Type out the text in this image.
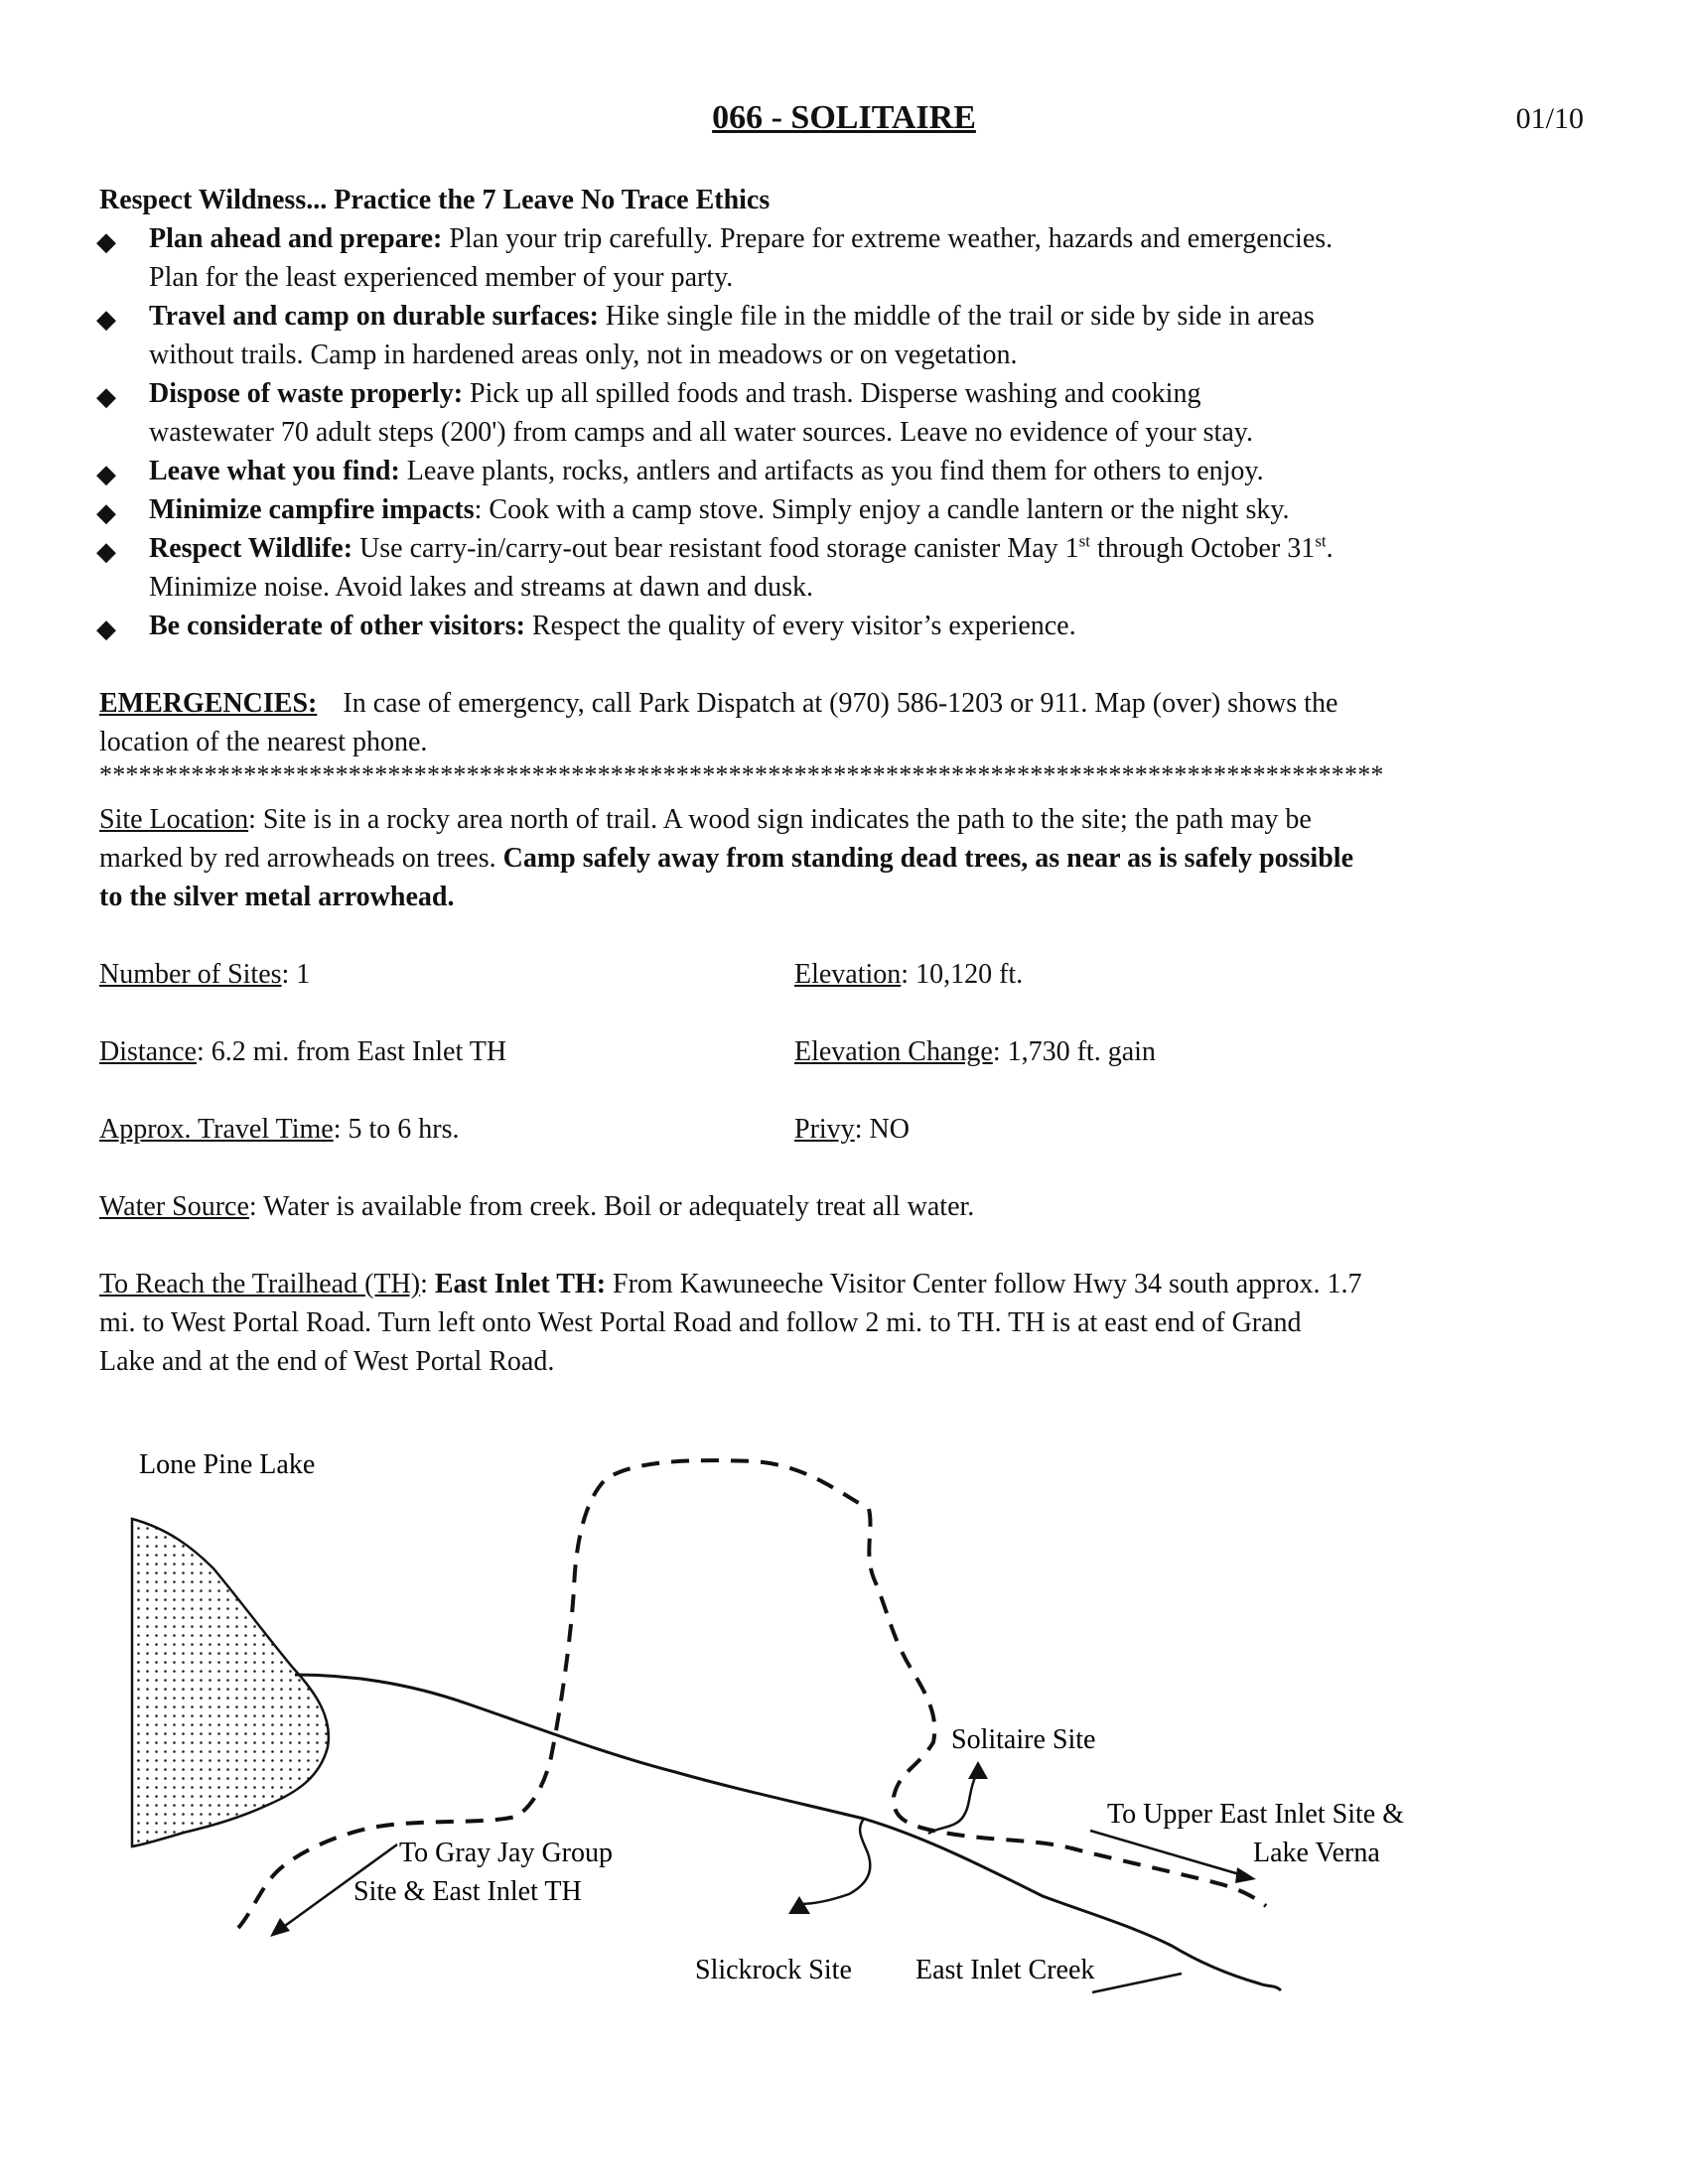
066 - SOLITAIRE	01/10
Respect Wildness... Practice the 7 Leave No Trace Ethics
◆ Plan ahead and prepare: Plan your trip carefully. Prepare for extreme weather, hazards and emergencies.
Plan for the least experienced member of your party.
◆ Travel and camp on durable surfaces: Hike single file in the middle of the trail or side by side in areas
without trails. Camp in hardened areas only, not in meadows or on vegetation.
◆ Dispose of waste properly: Pick up all spilled foods and trash. Disperse washing and cooking
wastewater 70 adult steps (200') from camps and all water sources. Leave no evidence of your stay.
◆ Leave what you find: Leave plants, rocks, antlers and artifacts as you find them for others to enjoy.
◆ Minimize campfire impacts: Cook with a camp stove. Simply enjoy a candle lantern or the night sky.
◆ Respect Wildlife: Use carry-in/carry-out bear resistant food storage canister May 1st through October 31st.
Minimize noise. Avoid lakes and streams at dawn and dusk.
◆ Be considerate of other visitors: Respect the quality of every visitor’s experience.
EMERGENCIES: In case of emergency, call Park Dispatch at (970) 586-1203 or 911. Map (over) shows the
location of the nearest phone.
**************************************************************************************************
Site Location: Site is in a rocky area north of trail. A wood sign indicates the path to the site; the path may be
marked by red arrowheads on trees. Camp safely away from standing dead trees, as near as is safely possible
to the silver metal arrowhead.
Number of Sites: 1	Elevation: 10,120 ft.
Distance: 6.2 mi. from East Inlet TH	Elevation Change: 1,730 ft. gain
Approx. Travel Time: 5 to 6 hrs.	Privy: NO
Water Source: Water is available from creek. Boil or adequately treat all water.
To Reach the Trailhead (TH): East Inlet TH: From Kawuneeche Visitor Center follow Hwy 34 south approx. 1.7
mi. to West Portal Road. Turn left onto West Portal Road and follow 2 mi. to TH. TH is at east end of Grand
Lake and at the end of West Portal Road.
Lone Pine Lake
Solitaire Site
To Upper East Inlet Site &
Lake Verna
To Gray Jay Group
Site & East Inlet TH
Slickrock Site East Inlet Creek
